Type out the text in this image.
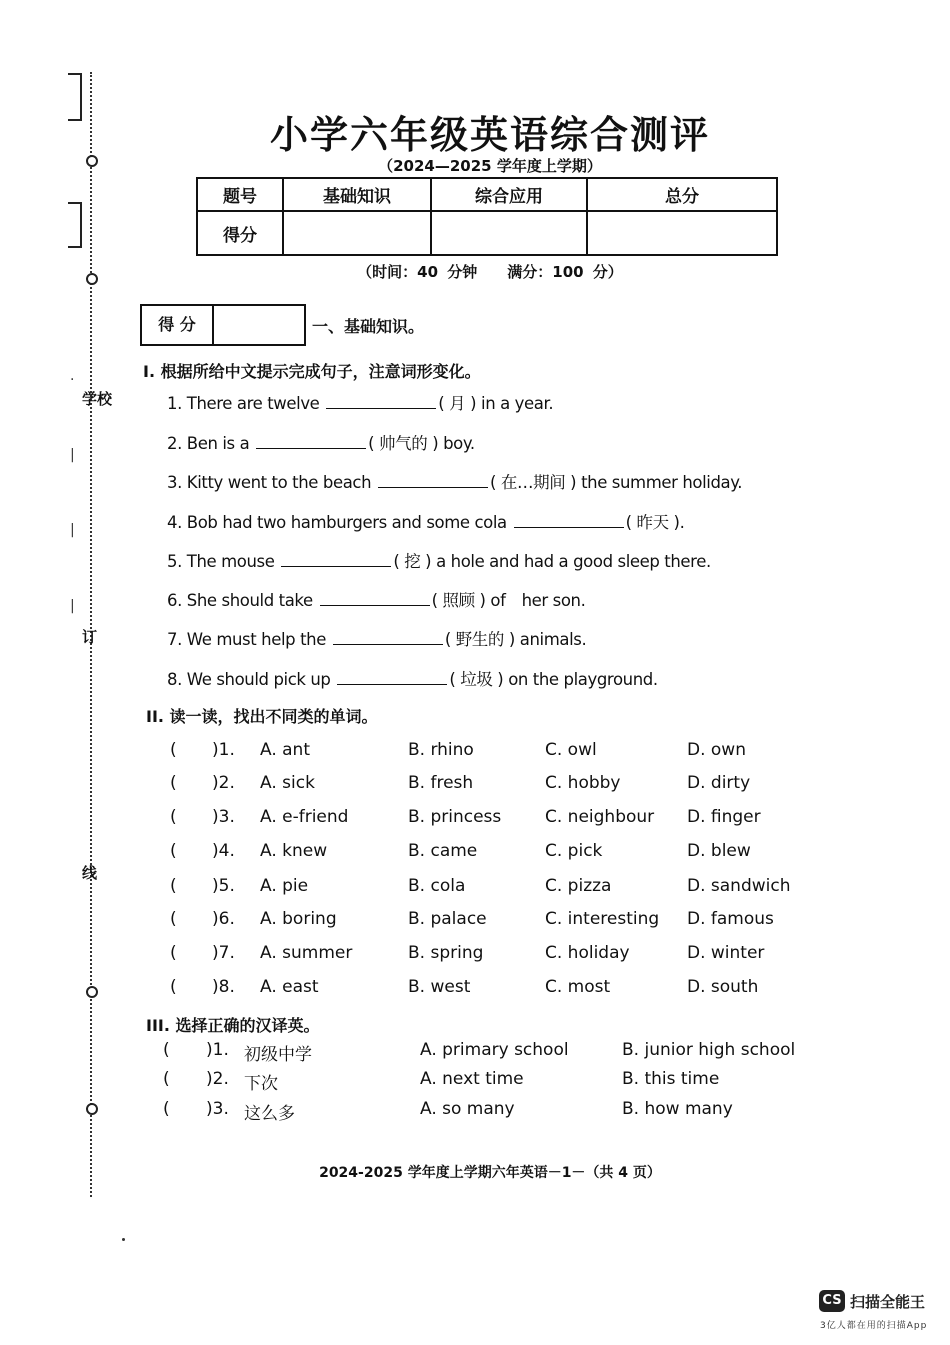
学校
订
线
·
|
|
|
小学六年级英语综合测评
（2024—2025 学年度上学期）
题号	基础知识	综合应用	总分
得分			
（时间：40 分钟　　满分：100 分）
得 分	一、基础知识。
I. 根据所给中文提示完成句子，注意词形变化。
1. There are twelve	( 月 ) in a year.
2. Ben is a	( 帅气的 ) boy.
3. Kitty went to the beach	( 在…期间 ) the summer holiday.
4. Bob had two hamburgers and some cola	( 昨天 ).
5. The mouse	( 挖 ) a hole and had a good sleep there.
6. She should take	( 照顾 ) of　her son.
7. We must help the	( 野生的 ) animals.
8. We should pick up	( 垃圾 ) on the playground.
II. 读一读，找出不同类的单词。
( )1. A. ant	B. rhino	C. owl	D. own
( )2. A. sick	B. fresh	C. hobby	D. dirty
( )3. A. e-friend	B. princess	C. neighbour D. finger
( )4. A. knew	B. came	C. pick	D. blew
( )5. A. pie	B. cola	C. pizza	D. sandwich
( )6. A. boring	B. palace	C. interesting D. famous
( )7. A. summer	B. spring	C. holiday	D. winter
( )8. A. east	B. west	C. most	D. south
III. 选择正确的汉译英。
( )1. 初级中学	A. primary school	B. junior high school
( )2. 下次	A. next time	B. this time
( )3. 这么多	A. so many	B. how many
2024-2025 学年度上学期六年英语－1－（共 4 页）
CS 扫描全能王
3亿人都在用的扫描App
